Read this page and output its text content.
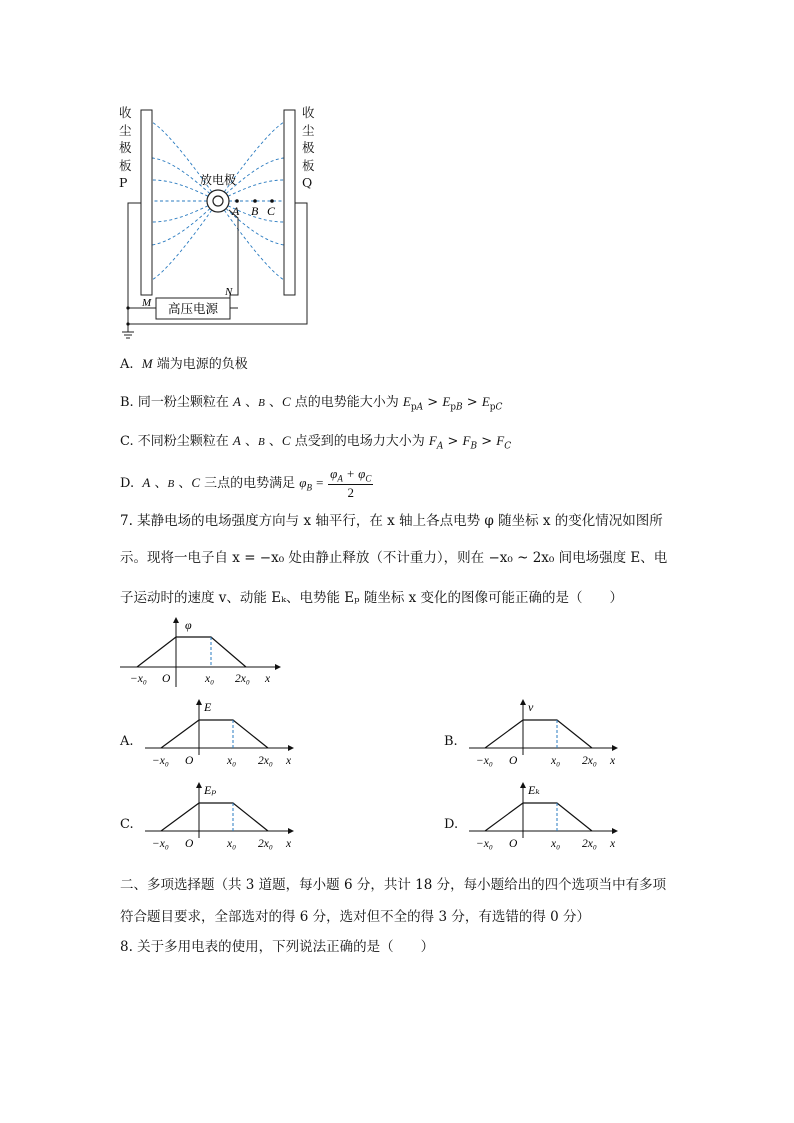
高压电源
M
N
放电极
A B C
收尘极板P
收尘极板Q
A. M 端为电源的负极
B. 同一粉尘颗粒在 A 、B 、C 点的电势能大小为 $E_{pA} > E_{pB} > E_{pC}$
C. 不同粉尘颗粒在 A 、B 、C 点受到的电场力大小为 $F_A > F_B > F_C$
D. A 、B 、C 三点的电势满足 $\varphi_B = \frac{\varphi_A + \varphi_C}{2}$
7. 某静电场的电场强度方向与 x 轴平行，在 x 轴上各点电势 φ 随坐标 x 的变化情况如图所
示。现将一电子自 x = −x₀ 处由静止释放（不计重力），则在 −x₀ ~ 2x₀ 间电场强度 E、电
子运动时的速度 v、动能 Eₖ、电势能 Eₚ 随坐标 x 变化的图像可能正确的是（　　）
φ
−x₀ O	x₀ 2x₀ x
A.
E
−x₀ O	x₀ 2x₀ x
B.
v
−x₀ O	x₀ 2x₀ x
C.
Eₚ
−x₀ O	x₀ 2x₀ x
D.
Eₖ
−x₀ O	x₀ 2x₀ x
二、多项选择题（共 3 道题，每小题 6 分，共计 18 分，每小题给出的四个选项当中有多项
符合题目要求，全部选对的得 6 分，选对但不全的得 3 分，有选错的得 0 分）
8. 关于多用电表的使用，下列说法正确的是（　　）
